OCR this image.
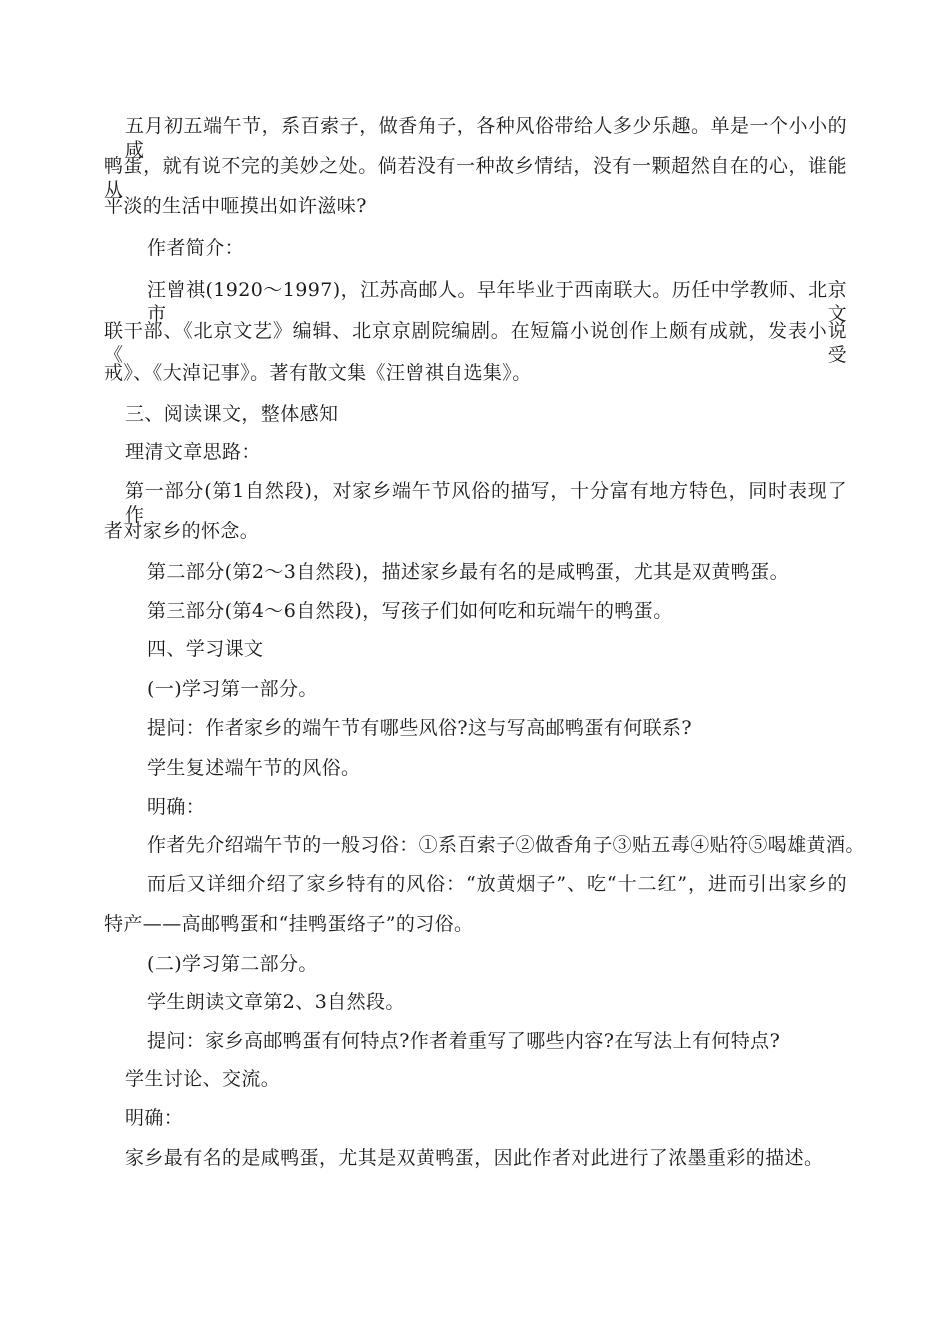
五月初五端午节，系百索子，做香角子，各种风俗带给人多少乐趣。单是一个小小的咸
鸭蛋，就有说不完的美妙之处。倘若没有一种故乡情结，没有一颗超然自在的心，谁能从
平淡的生活中咂摸出如许滋味?
作者简介：
汪曾祺(1920～1997)，江苏高邮人。早年毕业于西南联大。历任中学教师、北京市文
联干部、《北京文艺》编辑、北京京剧院编剧。在短篇小说创作上颇有成就，发表小说《受
戒》、《大淖记事》。著有散文集《汪曾祺自选集》。
三、阅读课文，整体感知
理清文章思路：
第一部分(第1自然段)，对家乡端午节风俗的描写，十分富有地方特色，同时表现了作
者对家乡的怀念。
第二部分(第2～3自然段)，描述家乡最有名的是咸鸭蛋，尤其是双黄鸭蛋。
第三部分(第4～6自然段)，写孩子们如何吃和玩端午的鸭蛋。
四、学习课文
(一)学习第一部分。
提问：作者家乡的端午节有哪些风俗?这与写高邮鸭蛋有何联系?
学生复述端午节的风俗。
明确：
作者先介绍端午节的一般习俗：①系百索子②做香角子③贴五毒④贴符⑤喝雄黄酒。
而后又详细介绍了家乡特有的风俗：“放黄烟子”、吃“十二红”，进而引出家乡的
特产——高邮鸭蛋和“挂鸭蛋络子”的习俗。
(二)学习第二部分。
学生朗读文章第2、3自然段。
提问：家乡高邮鸭蛋有何特点?作者着重写了哪些内容?在写法上有何特点?
学生讨论、交流。
明确：
家乡最有名的是咸鸭蛋，尤其是双黄鸭蛋，因此作者对此进行了浓墨重彩的描述。
